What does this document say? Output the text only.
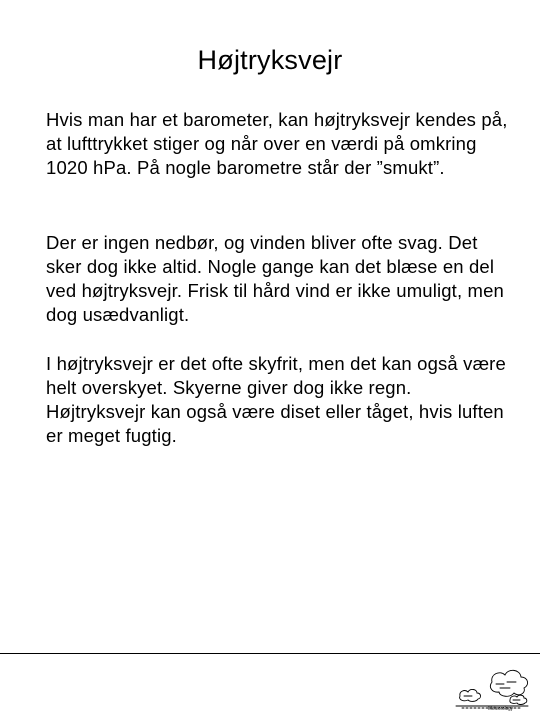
Højtryksvejr

Hvis man har et barometer, kan højtryksvejr kendes på, at lufttrykket stiger og når over en værdi på omkring 1020 hPa. På nogle barometre står der ”smukt”.

Der er ingen nedbør, og vinden bliver ofte svag. Det sker dog ikke altid. Nogle gange kan det blæse en del ved højtryksvejr. Frisk til hård vind er ikke umuligt, men dog usædvanligt.

I højtryksvejr er det ofte skyfrit, men det kan også være helt overskyet. Skyerne giver dog ikke regn. Højtryksvejr kan også være diset eller tåget, hvis luften er meget fugtig.

Meteorology
